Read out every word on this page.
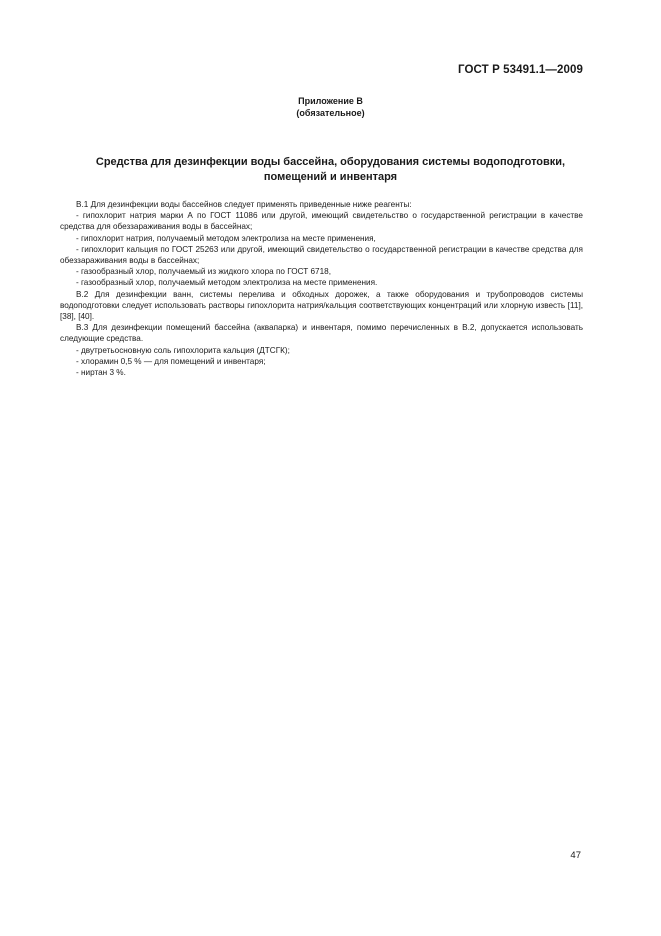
ГОСТ Р 53491.1—2009
Приложение В
(обязательное)
Средства для дезинфекции воды бассейна, оборудования системы водоподготовки,
помещений и инвентаря

В.1 Для дезинфекции воды бассейнов следует применять приведенные ниже реагенты:

- гипохлорит натрия марки А по ГОСТ 11086 или другой, имеющий свидетельство о государственной регистрации в качестве средства для обеззараживания воды в бассейнах;

- гипохлорит натрия, получаемый методом электролиза на месте применения,

- гипохлорит кальция по ГОСТ 25263 или другой, имеющий свидетельство о государственной регистрации в качестве средства для обеззараживания воды в бассейнах;

- газообразный хлор, получаемый из жидкого хлора по ГОСТ 6718,

- газообразный хлор, получаемый методом электролиза на месте применения.

В.2 Для дезинфекции ванн, системы перелива и обходных дорожек, а также оборудования и трубопроводов системы водоподготовки следует использовать растворы гипохлорита натрия/кальция соответствующих концентраций или хлорную известь [11], [38], [40].

В.3 Для дезинфекции помещений бассейна (аквапарка) и инвентаря, помимо перечисленных в В.2, допускается использовать следующие средства.

- двутретьосновную соль гипохлорита кальция (ДТСГК);

- хлорамин 0,5 % — для помещений и инвентаря;

- ниртан 3 %.

47
